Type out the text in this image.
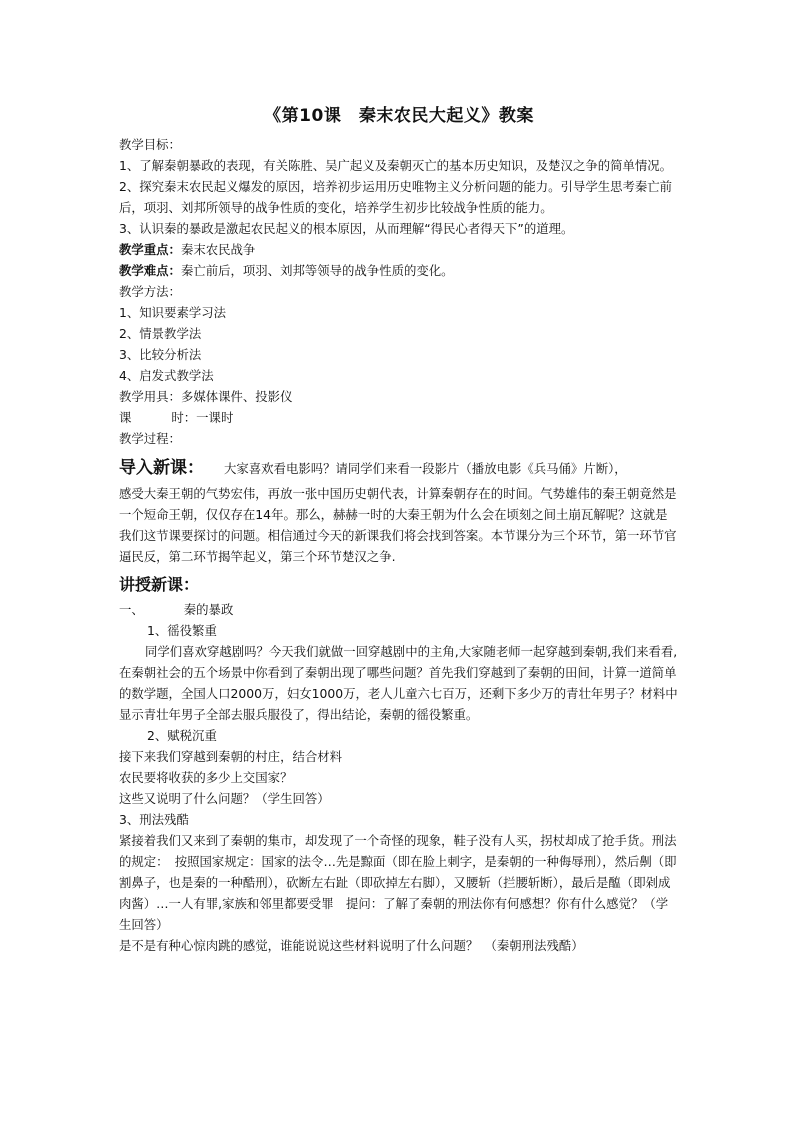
《第10课　秦末农民大起义》教案

教学目标：

1、了解秦朝暴政的表现，有关陈胜、吴广起义及秦朝灭亡的基本历史知识，及楚汉之争的简单情况。

2、探究秦末农民起义爆发的原因，培养初步运用历史唯物主义分析问题的能力。引导学生思考秦亡前后，项羽、刘邦所领导的战争性质的变化，培养学生初步比较战争性质的能力。

3、认识秦的暴政是激起农民起义的根本原因，从而理解“得民心者得天下”的道理。

教学重点：秦末农民战争

教学难点：秦亡前后，项羽、刘邦等领导的战争性质的变化。

教学方法：

1、知识要素学习法

2、情景教学法

3、比较分析法

4、启发式教学法

教学用具：多媒体课件、投影仪

课	时：一课时

教学过程：

导入新课： 大家喜欢看电影吗？请同学们来看一段影片（播放电影《兵马俑》片断），

感受大秦王朝的气势宏伟，再放一张中国历史朝代表，计算秦朝存在的时间。气势雄伟的秦王朝竟然是一个短命王朝，仅仅存在14年。那么，赫赫一时的大秦王朝为什么会在顷刻之间土崩瓦解呢？这就是我们这节课要探讨的问题。相信通过今天的新课我们将会找到答案。本节课分为三个环节，第一环节官逼民反，第二环节揭竿起义，第三个环节楚汉之争.

讲授新课：

一、	秦的暴政

1、徭役繁重

同学们喜欢穿越剧吗？今天我们就做一回穿越剧中的主角,大家随老师一起穿越到秦朝,我们来看看,在秦朝社会的五个场景中你看到了秦朝出现了哪些问题？首先我们穿越到了秦朝的田间，计算一道简单的数学题，全国人口2000万，妇女1000万，老人儿童六七百万，还剩下多少万的青壮年男子？材料中显示青壮年男子全部去服兵服役了，得出结论，秦朝的徭役繁重。

2、赋税沉重

接下来我们穿越到秦朝的村庄，结合材料

农民要将收获的多少上交国家？

这些又说明了什么问题？（学生回答）

3、刑法残酷

紧接着我们又来到了秦朝的集市，却发现了一个奇怪的现象，鞋子没有人买，拐杖却成了抢手货。刑法的规定：　按照国家规定：国家的法令…先是黥面（即在脸上刺字，是秦朝的一种侮辱刑），然后劓（即割鼻子，也是秦的一种酷刑），砍断左右趾（即砍掉左右脚），又腰斩（拦腰斩断），最后是醢（即剁成肉酱）…一人有罪,家族和邻里都要受罪　提问：了解了秦朝的刑法你有何感想？你有什么感觉？（学生回答）

是不是有种心惊肉跳的感觉，谁能说说这些材料说明了什么问题？　（秦朝刑法残酷）
